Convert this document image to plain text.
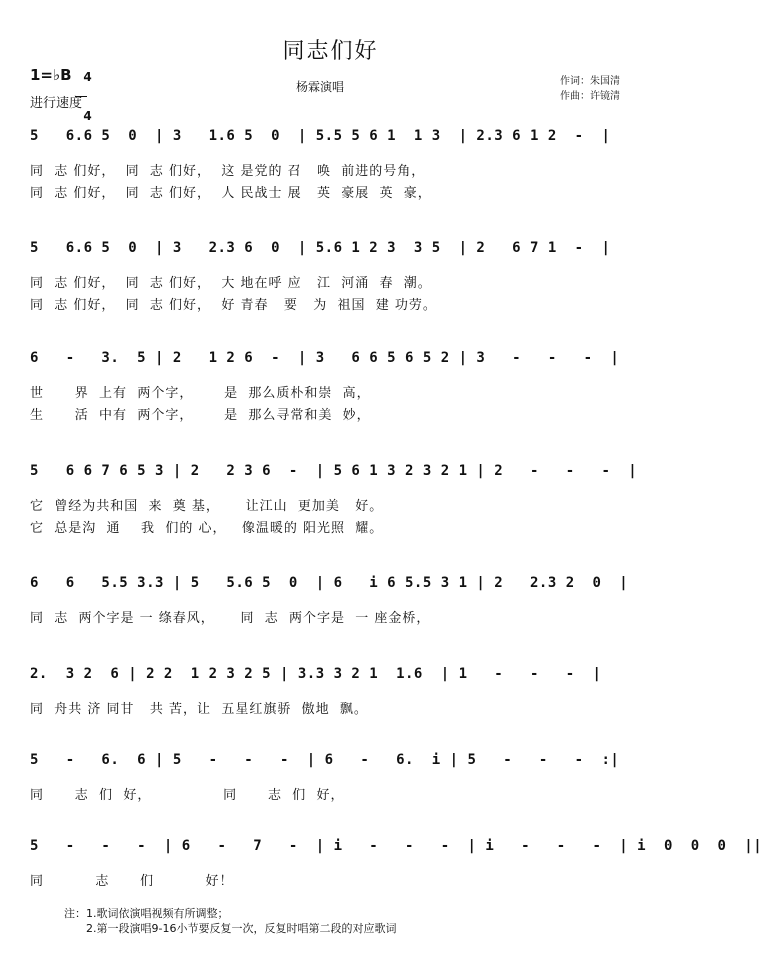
同志们好
1=♭B 4

4

进行速度
杨霖演唱	作词：朱国清
作曲：许镜清
5   6.6 5  0  | 3   1.6 5  0  | 5.5 5 6 1  1 3  | 2.3 6 1 2  -  |
同  志 们好，  同  志 们好，  这 是党的 召   唤  前进的号角，
同  志 们好，  同  志 们好，  人 民战士 展   英  豪展  英  豪，
5   6.6 5  0  | 3   2.3 6  0  | 5.6 1 2 3  3 5  | 2   6 7 1  -  |
同  志 们好，  同  志 们好，  大 地在呼 应   江  河涌  春  潮。
同  志 们好，  同  志 们好，  好 青春   要   为  祖国  建 功劳。
6   -   3.  5 | 2   1 2 6  -  | 3   6 6 5 6 5 2 | 3   -   -   -  |
世      界  上有  两个字，      是  那么质朴和崇  高，
生      活  中有  两个字，      是  那么寻常和美  妙，
5   6 6 7 6 5 3 | 2   2 3 6  -  | 5 6 1 3 2 3 2 1 | 2   -   -   -  |
它  曾经为共和国  来  奠 基，     让江山  更加美   好。
它  总是沟  通    我  们的 心，   像温暖的 阳光照  耀。
6   6   5.5 3.3 | 5   5.6 5  0  | 6   i 6 5.5 3 1 | 2   2.3 2  0  |
同  志  两个字是 一 绦春风，     同  志  两个字是  一 座金桥，
2.  3 2  6 | 2 2  1 2 3 2 5 | 3.3 3 2 1  1.6  | 1   -   -   -  |
同  舟共 济 同甘   共 苦，让  五星红旗骄  傲地  飘。
5   -   6.  6 | 5   -   -   -  | 6   -   6.  i | 5   -   -   -  :|
同      志  们  好，              同      志  们  好，
5   -   -   -  | 6   -   7   -  | i   -   -   -  | i   -   -   -  | i  0  0  0  ||
同          志      们          好！
注：1.歌词依演唱视频有所调整；
2.第一段演唱9-16小节要反复一次，反复时唱第二段的对应歌词
